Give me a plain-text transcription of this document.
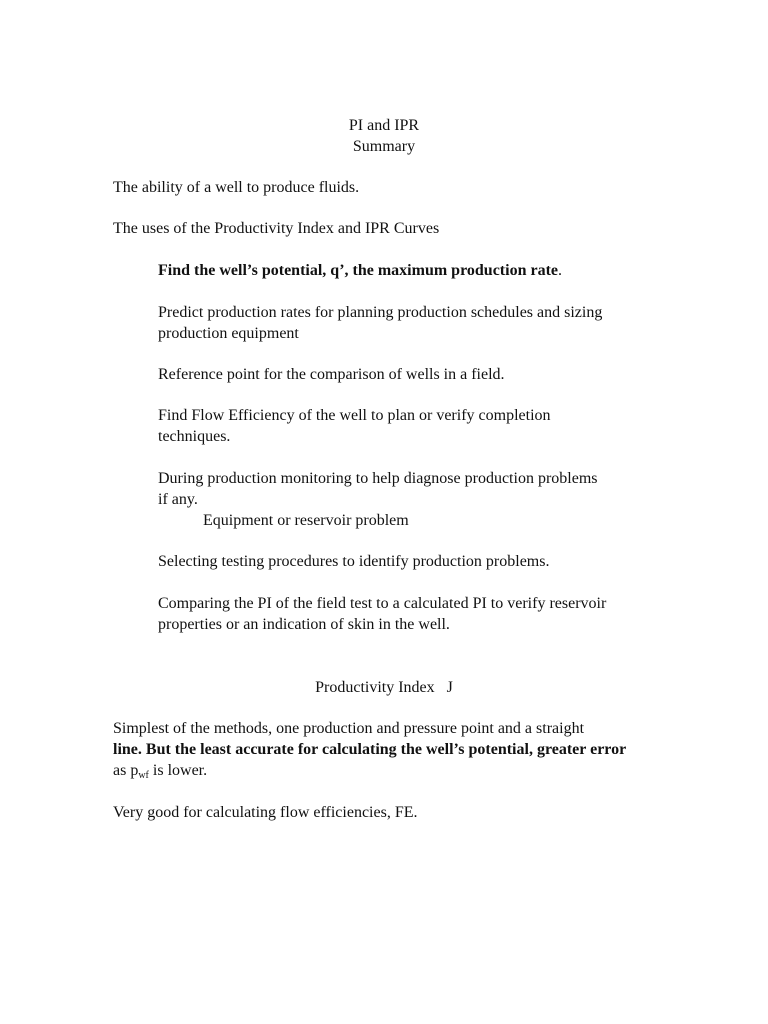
PI and IPR

Summary

The ability of a well to produce fluids.

The uses of the Productivity Index and IPR Curves

Find the well’s potential, q’, the maximum production rate.

Predict production rates for planning production schedules and sizing

production equipment

Reference point for the comparison of wells in a field.

Find Flow Efficiency of the well to plan or verify completion

techniques.

During production monitoring to help diagnose production problems

if any.

Equipment or reservoir problem

Selecting testing procedures to identify production problems.

Comparing the PI of the field test to a calculated PI to verify reservoir

properties or an indication of skin in the well.

Productivity Index   J

Simplest of the methods, one production and pressure point and a straight

line. But the least accurate for calculating the well’s potential, greater error

as $p_{wf}$ is lower.

Very good for calculating flow efficiencies, FE.
